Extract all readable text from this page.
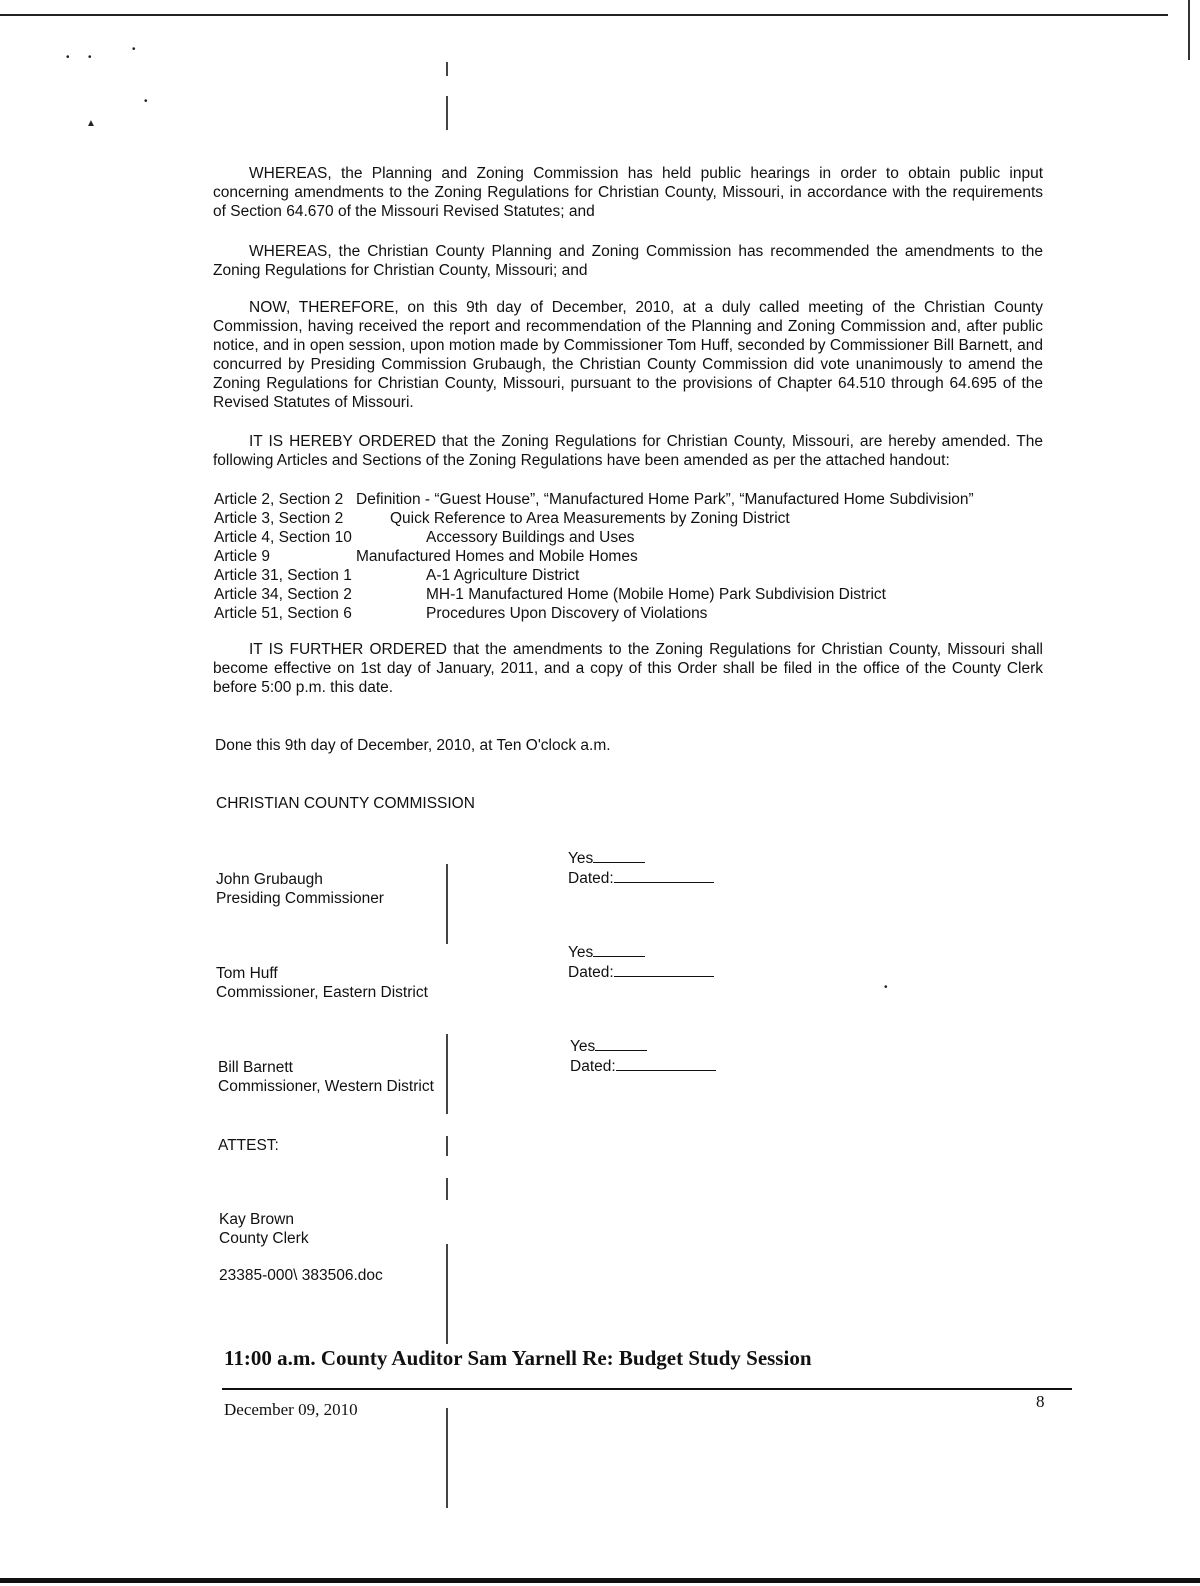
• •
•
•
▲
•

WHEREAS, the Planning and Zoning Commission has held public hearings in order to obtain public input concerning amendments to the Zoning Regulations for Christian County, Missouri, in accordance with the requirements of Section 64.670 of the Missouri Revised Statutes; and

WHEREAS, the Christian County Planning and Zoning Commission has recommended the amendments to the Zoning Regulations for Christian County, Missouri; and

NOW, THEREFORE, on this 9th day of December, 2010, at a duly called meeting of the Christian County Commission, having received the report and recommendation of the Planning and Zoning Commission and, after public notice, and in open session, upon motion made by Commissioner Tom Huff, seconded by Commissioner Bill Barnett, and concurred by Presiding Commission Grubaugh, the Christian County Commission did vote unanimously to amend the Zoning Regulations for Christian County, Missouri, pursuant to the provisions of Chapter 64.510 through 64.695 of the Revised Statutes of Missouri.

IT IS HEREBY ORDERED that the Zoning Regulations for Christian County, Missouri, are hereby amended. The following Articles and Sections of the Zoning Regulations have been amended as per the attached handout:

Article 2, Section 2 Definition - “Guest House”, “Manufactured Home Park”, “Manufactured Home Subdivision”
Article 3, Section 2	Quick Reference to Area Measurements by Zoning District
Article 4, Section 10	Accessory Buildings and Uses
Article 9	Manufactured Homes and Mobile Homes
Article 31, Section 1	A-1 Agriculture District
Article 34, Section 2	MH-1 Manufactured Home (Mobile Home) Park Subdivision District
Article 51, Section 6	Procedures Upon Discovery of Violations

IT IS FURTHER ORDERED that the amendments to the Zoning Regulations for Christian County, Missouri shall become effective on 1st day of January, 2011, and a copy of this Order shall be filed in the office of the County Clerk before 5:00 p.m. this date.

Done this 9th day of December, 2010, at Ten O'clock a.m.
CHRISTIAN COUNTY COMMISSION
John Grubaugh
Presiding Commissioner
Yes
Dated:
Tom Huff
Commissioner, Eastern District
Yes
Dated:
Bill Barnett
Commissioner, Western District
Yes
Dated:
ATTEST:
Kay Brown
County Clerk
23385-000\ 383506.doc
11:00 a.m. County Auditor Sam Yarnell Re: Budget Study Session
December 09, 2010	8
